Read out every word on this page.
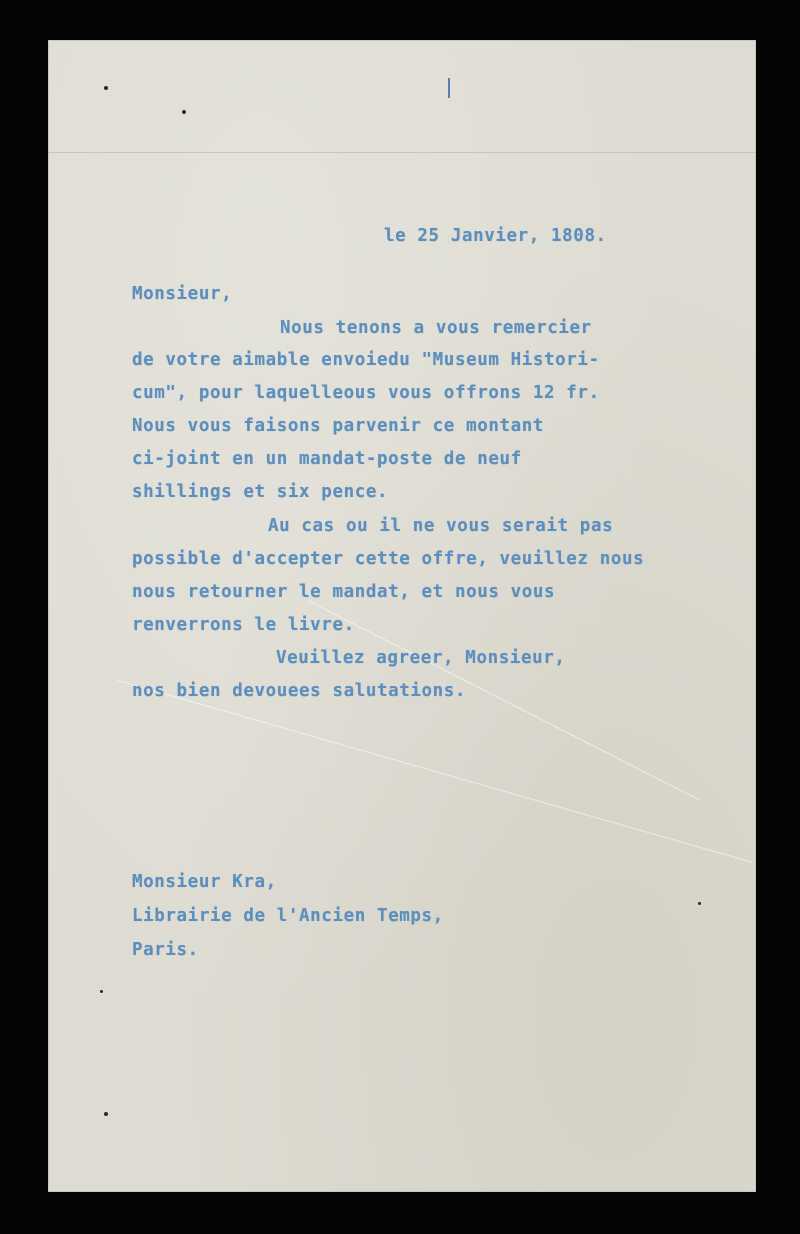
le 25 Janvier, 1808.
Monsieur,
Nous tenons a vous remercier
de votre aimable envoiedu "Museum Histori-
cum", pour laquelleous vous offrons 12 fr.
Nous vous faisons parvenir ce montant
ci-joint en un mandat-poste de neuf
shillings et six pence.
Au cas ou il ne vous serait pas
possible d'accepter cette offre, veuillez nous
nous retourner le mandat, et nous vous
renverrons le livre.
Veuillez agreer, Monsieur,
nos bien devouees salutations.
Monsieur Kra,
Librairie de l'Ancien Temps,
Paris.
